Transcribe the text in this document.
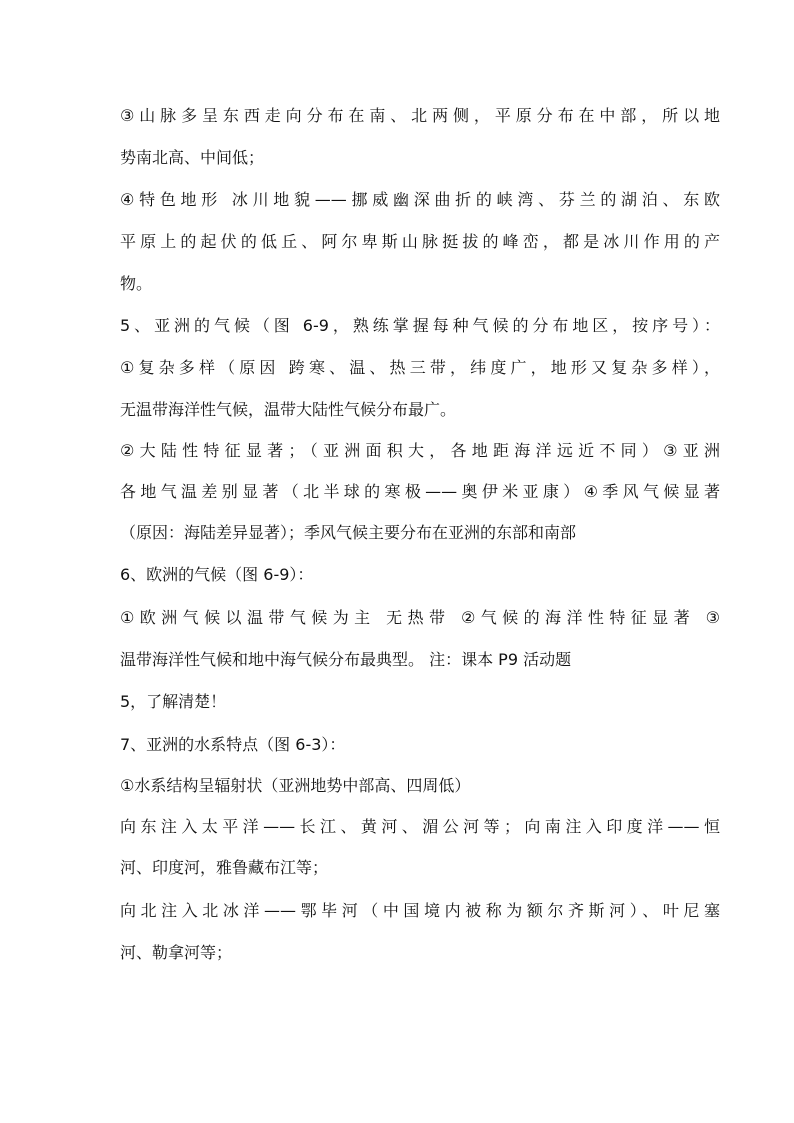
③山脉多呈东西走向分布在南、北两侧，平原分布在中部，所以地
势南北高、中间低；
④特色地形 冰川地貌——挪威幽深曲折的峡湾、芬兰的湖泊、东欧
平原上的起伏的低丘、阿尔卑斯山脉挺拔的峰峦，都是冰川作用的产
物。
5、亚洲的气候（图 6-9，熟练掌握每种气候的分布地区，按序号）：
①复杂多样（原因 跨寒、温、热三带，纬度广，地形又复杂多样），
无温带海洋性气候，温带大陆性气候分布最广。
②大陆性特征显著；（亚洲面积大，各地距海洋远近不同）③亚洲
各地气温差别显著（北半球的寒极——奥伊米亚康）④季风气候显著
（原因：海陆差异显著）；季风气候主要分布在亚洲的东部和南部
6、欧洲的气候（图 6-9）：
①欧洲气候以温带气候为主 无热带 ②气候的海洋性特征显著 ③
温带海洋性气候和地中海气候分布最典型。 注：课本 P9 活动题
5，了解清楚！
7、亚洲的水系特点（图 6-3）：
①水系结构呈辐射状（亚洲地势中部高、四周低）
向东注入太平洋——长江、黄河、湄公河等；向南注入印度洋——恒
河、印度河，雅鲁藏布江等；
向北注入北冰洋——鄂毕河（中国境内被称为额尔齐斯河）、叶尼塞
河、勒拿河等；
